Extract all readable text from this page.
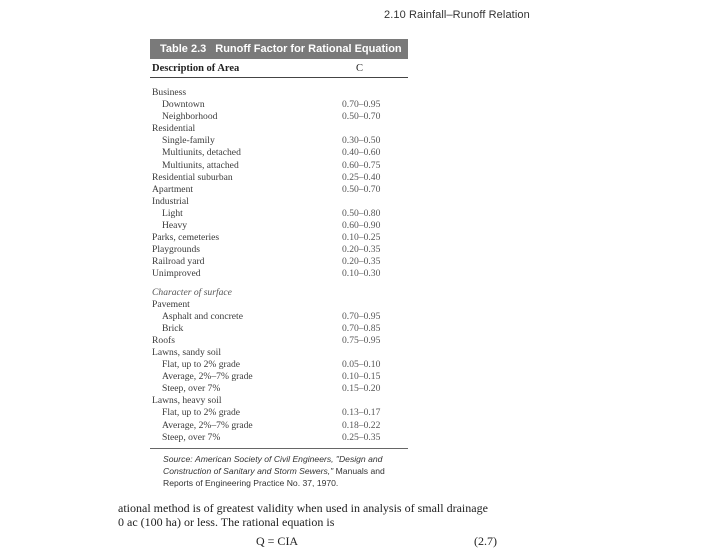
2.10 Rainfall–Runoff Relation
Table 2.3 Runoff Factor for Rational Equation
Description of Area	C
Business
Downtown	0.70–0.95
Neighborhood	0.50–0.70
Residential
Single-family	0.30–0.50
Multiunits, detached	0.40–0.60
Multiunits, attached	0.60–0.75
Residential suburban	0.25–0.40
Apartment	0.50–0.70
Industrial
Light	0.50–0.80
Heavy	0.60–0.90
Parks, cemeteries	0.10–0.25
Playgrounds	0.20–0.35
Railroad yard	0.20–0.35
Unimproved	0.10–0.30
Character of surface
Pavement
Asphalt and concrete	0.70–0.95
Brick	0.70–0.85
Roofs	0.75–0.95
Lawns, sandy soil
Flat, up to 2% grade	0.05–0.10
Average, 2%–7% grade	0.10–0.15
Steep, over 7%	0.15–0.20
Lawns, heavy soil
Flat, up to 2% grade	0.13–0.17
Average, 2%–7% grade	0.18–0.22
Steep, over 7%	0.25–0.35
Source: American Society of Civil Engineers, "Design and Construction of Sanitary and Storm Sewers," Manuals and Reports of Engineering Practice No. 37, 1970.
ational method is of greatest validity when used in analysis of small drainage
0 ac (100 ha) or less. The rational equation is
Q = CIA	(2.7)
